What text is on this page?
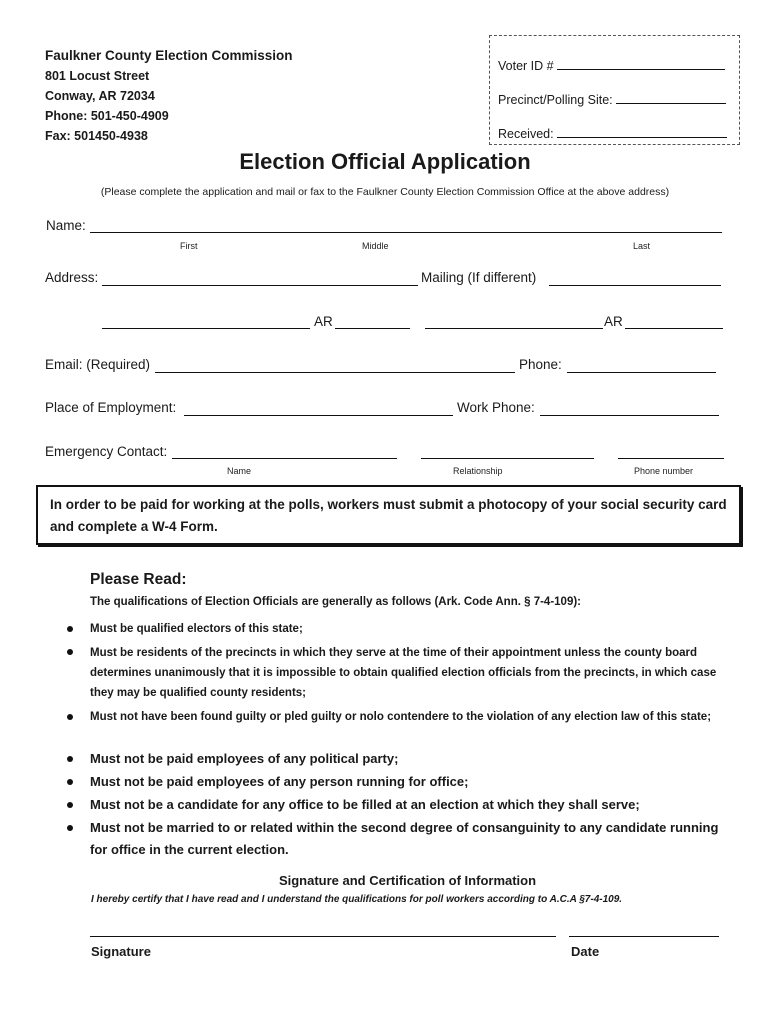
Faulkner County Election Commission
801 Locust Street
Conway, AR 72034
Phone: 501-450-4909
Fax: 501450-4938
Voter ID #
Precinct/Polling Site:
Received:
Election Official Application
(Please complete the application and mail or fax to the Faulkner County Election Commission Office at the above address)
Name:
First	Middle	Last
Address:	Mailing (If different)
AR	AR
Email: (Required)	Phone:
Place of Employment:	Work Phone:
Emergency Contact:
Name	Relationship	Phone number
In order to be paid for working at the polls, workers must submit a photocopy of your social security card and complete a W-4 Form.
Please Read:
The qualifications of Election Officials are generally as follows (Ark. Code Ann. § 7-4-109):
Must be qualified electors of this state;
Must be residents of the precincts in which they serve at the time of their appointment unless the county board determines unanimously that it is impossible to obtain qualified election officials from the precincts, in which case they may be qualified county residents;
Must not have been found guilty or pled guilty or nolo contendere to the violation of any election law of this state;
Must not be paid employees of any political party;
Must not be paid employees of any person running for office;
Must not be a candidate for any office to be filled at an election at which they shall serve;
Must not be married to or related within the second degree of consanguinity to any candidate running for office in the current election.
Signature and Certification of Information
I hereby certify that I have read and I understand the qualifications for poll workers according to A.C.A §7-4-109.
Signature	Date
